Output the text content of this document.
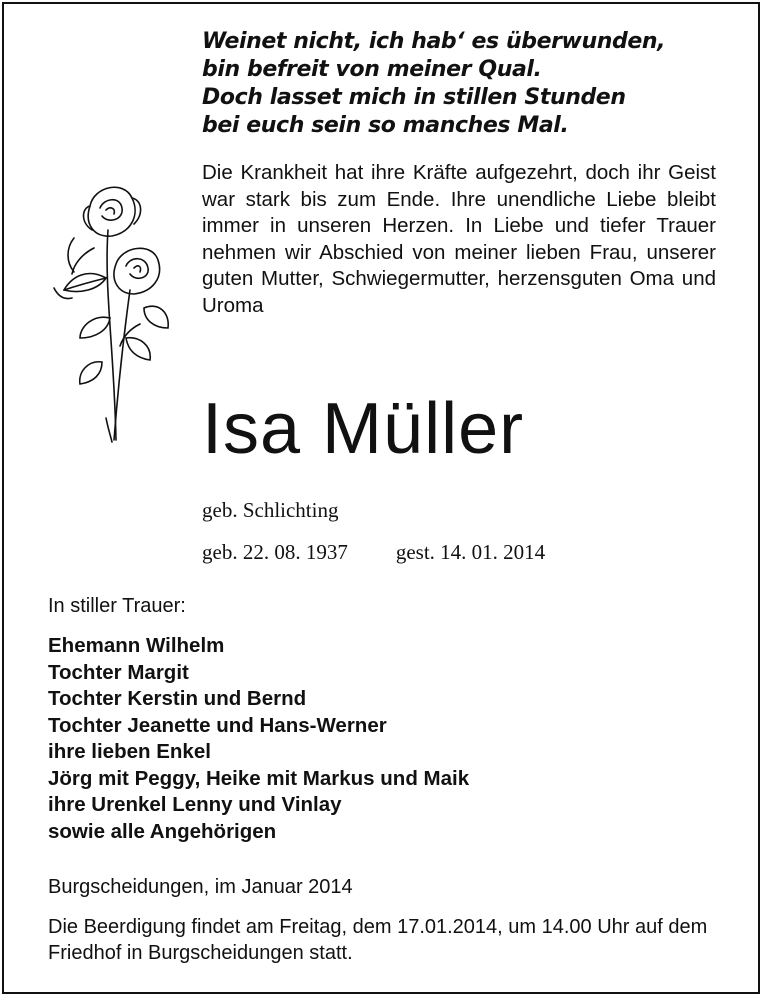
Weinet nicht, ich hab‘ es überwunden,
bin befreit von meiner Qual.
Doch lasset mich in stillen Stunden
bei euch sein so manches Mal.

Die Krankheit hat ihre Kräfte aufgezehrt, doch ihr Geist war stark bis zum Ende. Ihre unendliche Liebe bleibt immer in unseren Herzen. In Liebe und tiefer Trauer nehmen wir Abschied von meiner lieben Frau, unserer guten Mutter, Schwiegermutter, herzensguten Oma und Uroma

Isa Müller

geb. Schlichting

geb. 22. 08. 1937 gest. 14. 01. 2014

In stiller Trauer:

Ehemann Wilhelm
Tochter Margit
Tochter Kerstin und Bernd
Tochter Jeanette und Hans-Werner
ihre lieben Enkel
Jörg mit Peggy, Heike mit Markus und Maik
ihre Urenkel Lenny und Vinlay
sowie alle Angehörigen

Burgscheidungen, im Januar 2014

Die Beerdigung findet am Freitag, dem 17.01.2014, um 14.00 Uhr auf dem Friedhof in Burgscheidungen statt.
